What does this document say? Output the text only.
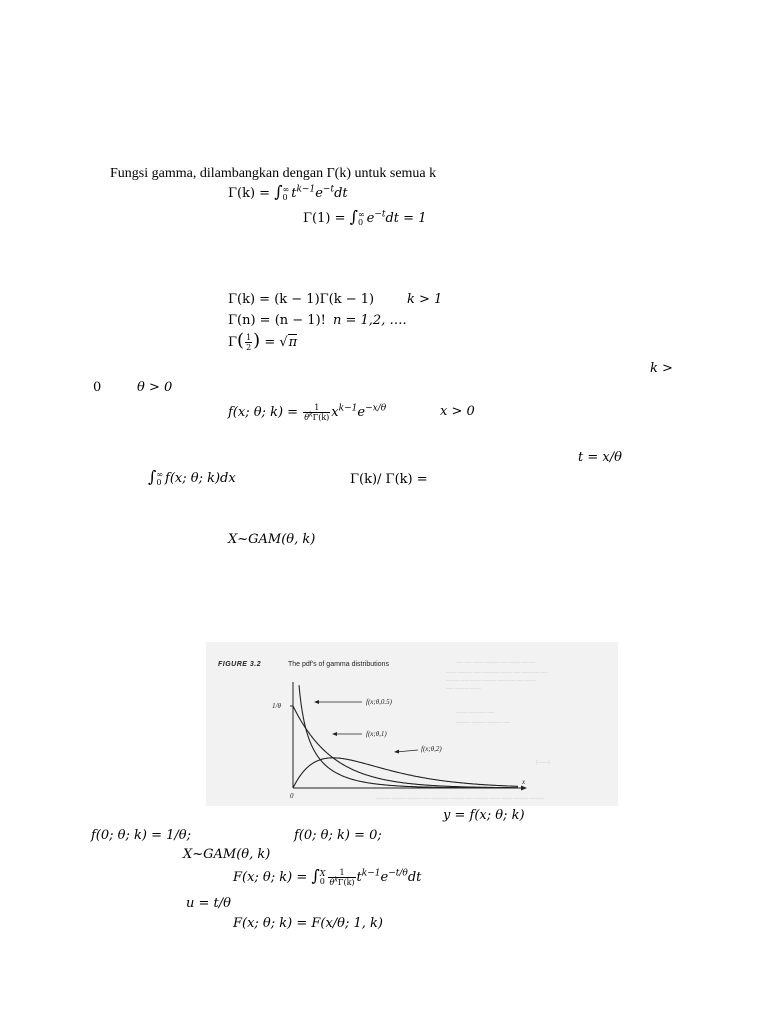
Fungsi gamma, dilambangkan dengan Γ(k) untuk semua k
Γ(k) = ∫ ∞
0 $t^{k-1}e^{-t}dt$
Γ(1) = ∫ ∞
0 $e^{-t}dt = 1$
Γ(k) = (k − 1)Γ(k − 1)	k > 1
Γ(n) = (n − 1)! n = 1,2, ….
$\Gamma( \frac{1}{2}$ ) = √π
k >
0	θ > 0
f(x; θ; $k) = \frac{1}{\theta^k\Gamma(k)} x^{k-1}e^{-x/\theta}$	x > 0
t = x/θ
∫ ∞
0 f(x; θ; k)dx	Γ(k)/ Γ(k) =
X~GAM(θ, k)
── ── ─── ──── ── ─── ────
─── ──── ── ───── ─── ── ───── ──
──── ── ─── ──── ───── ── ───
── ──── ───
─── ───── ──
──── ──── ──── ──
(───)
──── ──── ──── ── ───── ──── ── ──── ─── ─── ──── ────
FIGURE 3.2	The pdf's of gamma distributions
1/θ
x
0
f(x;θ,0.5)
f(x;θ,1)
f(x;θ,2)
y = f(x; θ; k)
f(0; θ; k) = 1/θ;	f(0; θ; k) = 0;
X~GAM(θ, k)
F(x; θ; k) = ∫ X
$0 \frac{1}{\theta^k\Gamma(k)} t^{k-1}e^{-t/\theta}dt$
u = t/θ
F(x; θ; k) = F(x/θ; 1, k)
